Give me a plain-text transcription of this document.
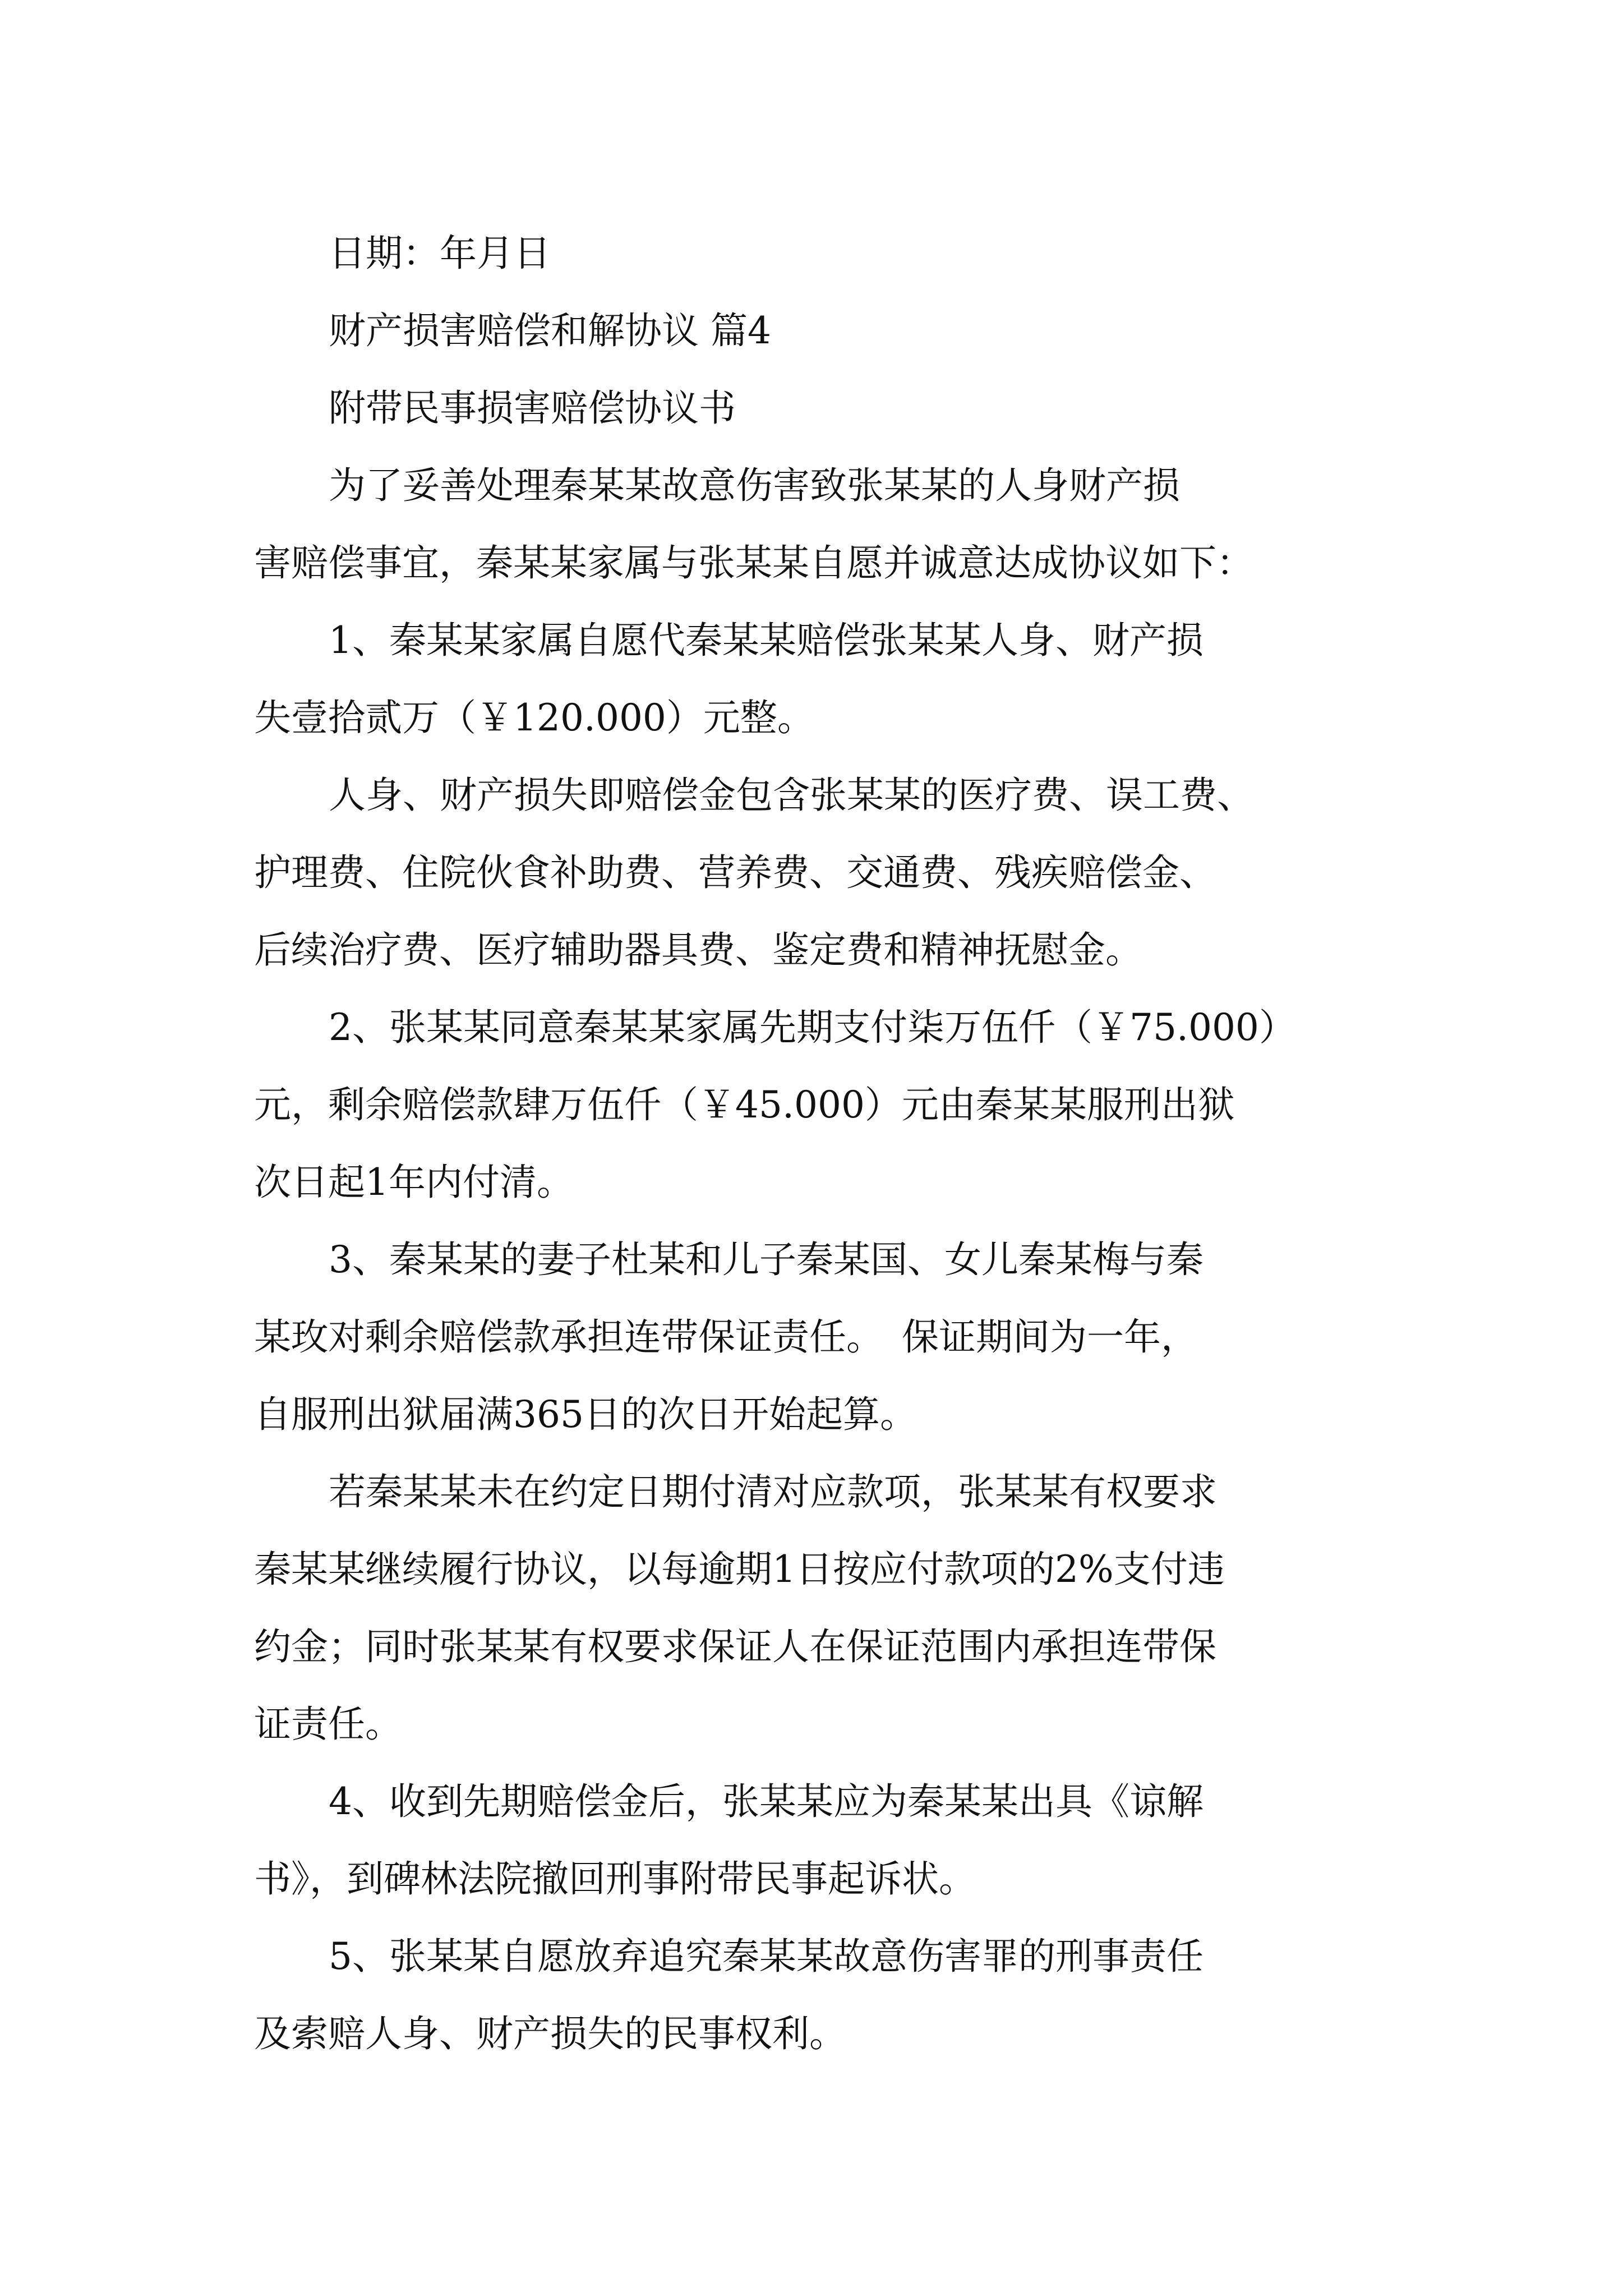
日期：年月日
财产损害赔偿和解协议 篇4
附带民事损害赔偿协议书
为了妥善处理秦某某故意伤害致张某某的人身财产损
害赔偿事宜，秦某某家属与张某某自愿并诚意达成协议如下：
1、秦某某家属自愿代秦某某赔偿张某某人身、财产损
失壹拾贰万（￥120.000）元整。
人身、财产损失即赔偿金包含张某某的医疗费、误工费、
护理费、住院伙食补助费、营养费、交通费、残疾赔偿金、
后续治疗费、医疗辅助器具费、鉴定费和精神抚慰金。
2、张某某同意秦某某家属先期支付柒万伍仟（￥75.000）
元，剩余赔偿款肆万伍仟（￥45.000）元由秦某某服刑出狱
次日起1年内付清。
3、秦某某的妻子杜某和儿子秦某国、女儿秦某梅与秦
某玫对剩余赔偿款承担连带保证责任。　保证期间为一年，
自服刑出狱届满365日的次日开始起算。
若秦某某未在约定日期付清对应款项，张某某有权要求
秦某某继续履行协议，以每逾期1日按应付款项的2%支付违
约金；同时张某某有权要求保证人在保证范围内承担连带保
证责任。
4、收到先期赔偿金后，张某某应为秦某某出具《谅解
书》，到碑林法院撤回刑事附带民事起诉状。
5、张某某自愿放弃追究秦某某故意伤害罪的刑事责任
及索赔人身、财产损失的民事权利。
